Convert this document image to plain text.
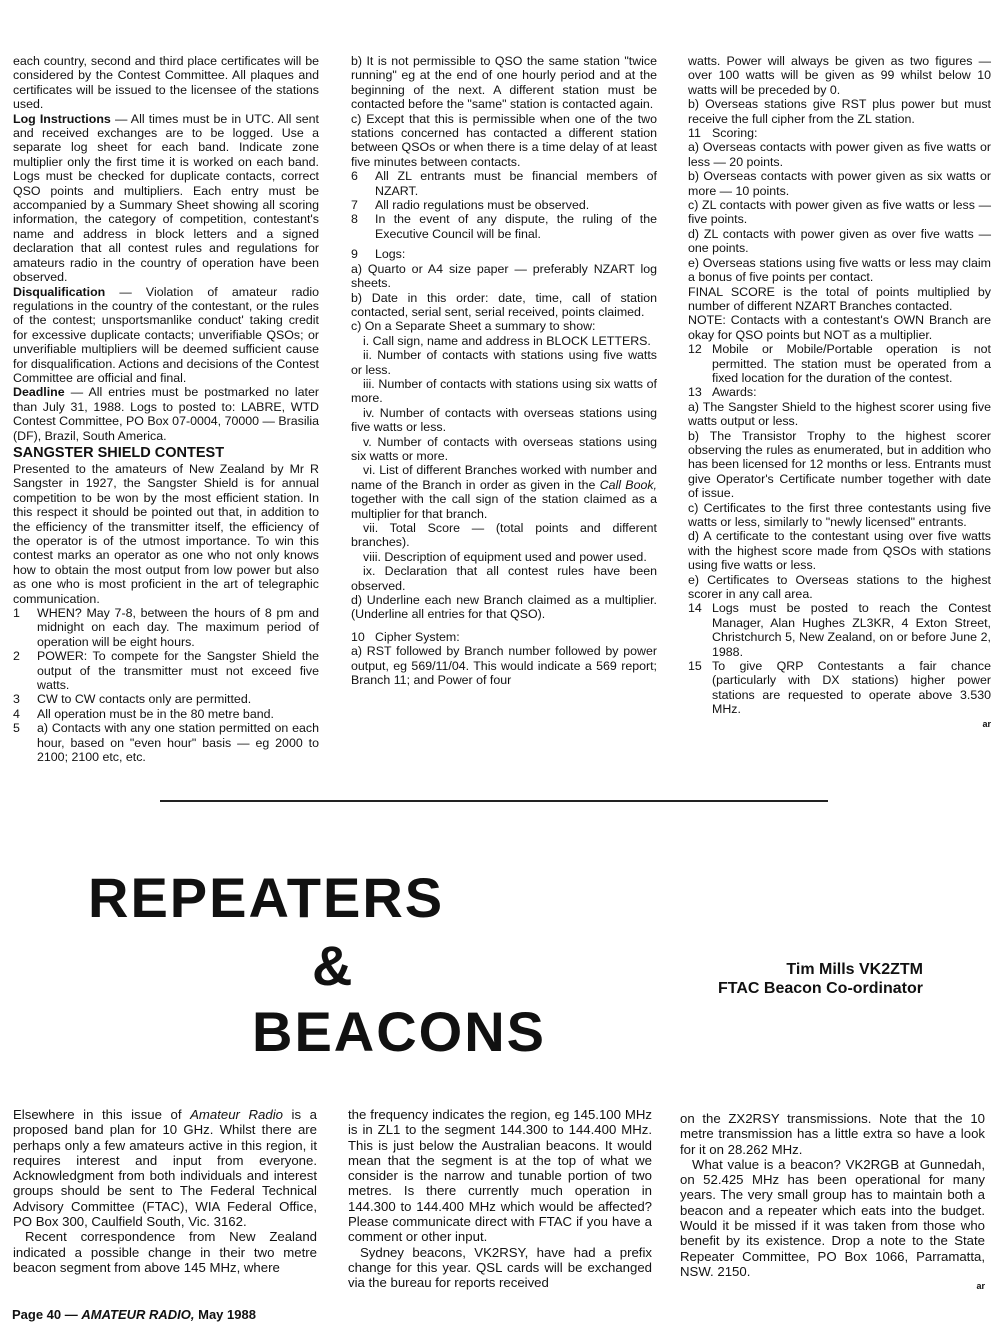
each country, second and third place certificates will be considered by the Contest Committee. All plaques and certificates will be issued to the licensee of the stations used.

Log Instructions — All times must be in UTC. All sent and received exchanges are to be logged. Use a separate log sheet for each band. Indicate zone multiplier only the first time it is worked on each band. Logs must be checked for duplicate contacts, correct QSO points and multipliers. Each entry must be accompanied by a Summary Sheet showing all scoring information, the category of competition, contestant's name and address in block letters and a signed declaration that all contest rules and regulations for amateurs radio in the country of operation have been observed.

Disqualification — Violation of amateur radio regulations in the country of the contestant, or the rules of the contest; unsportsmanlike conduct' taking credit for excessive duplicate contacts; unverifiable QSOs; or unverifiable multipliers will be deemed sufficient cause for disqualification. Actions and decisions of the Contest Committee are official and final.

Deadline — All entries must be postmarked no later than July 31, 1988. Logs to posted to: LABRE, WTD Contest Committee, PO Box 07-0004, 70000 — Brasilia (DF), Brazil, South America.

SANGSTER SHIELD CONTEST

Presented to the amateurs of New Zealand by Mr R Sangster in 1927, the Sangster Shield is for annual competition to be won by the most efficient station. In this respect it should be pointed out that, in addition to the efficiency of the transmitter itself, the efficiency of the operator is of the utmost importance. To win this contest marks an operator as one who not only knows how to obtain the most output from low power but also as one who is most proficient in the art of telegraphic communication.

1	WHEN? May 7-8, between the hours of 8 pm and midnight on each day. The maximum period of operation will be eight hours.
2	POWER: To compete for the Sangster Shield the output of the transmitter must not exceed five watts.
3	CW to CW contacts only are permitted.
4	All operation must be in the 80 metre band.
5	a) Contacts with any one station permitted on each hour, based on "even hour" basis — eg 2000 to 2100; 2100 etc, etc.

b) It is not permissible to QSO the same station "twice running" eg at the end of one hourly period and at the beginning of the next. A different station must be contacted before the "same" station is contacted again.

c) Except that this is permissible when one of the two stations concerned has contacted a different station between QSOs or when there is a time delay of at least five minutes between contacts.

6	All ZL entrants must be financial members of NZART.
7	All radio regulations must be observed.
8	In the event of any dispute, the ruling of the Executive Council will be final.
9	Logs:

a) Quarto or A4 size paper — preferably NZART log sheets.

b) Date in this order: date, time, call of station contacted, serial sent, serial received, points claimed.

c) On a Separate Sheet a summary to show:

i. Call sign, name and address in BLOCK LETTERS.

ii. Number of contacts with stations using five watts or less.

iii. Number of contacts with stations using six watts of more.

iv. Number of contacts with overseas stations using five watts or less.

v. Number of contacts with overseas stations using six watts or more.

vi. List of different Branches worked with number and name of the Branch in order as given in the Call Book, together with the call sign of the station claimed as a multiplier for that branch.

vii. Total Score — (total points and different branches).

viii. Description of equipment used and power used.

ix. Declaration that all contest rules have been observed.

d) Underline each new Branch claimed as a multiplier. (Underline all entries for that QSO).

10 Cipher System:

a) RST followed by Branch number followed by power output, eg 569/11/04. This would indicate a 569 report; Branch 11; and Power of four

watts. Power will always be given as two figures — over 100 watts will be given as 99 whilst below 10 watts will be preceded by 0.

b) Overseas stations give RST plus power but must receive the full cipher from the ZL station.

11 Scoring:

a) Overseas contacts with power given as five watts or less — 20 points.

b) Overseas contacts with power given as six watts or more — 10 points.

c) ZL contacts with power given as five watts or less — five points.

d) ZL contacts with power given as over five watts — one points.

e) Overseas stations using five watts or less may claim a bonus of five points per contact.

FINAL SCORE is the total of points multiplied by number of different NZART Branches contacted.

NOTE: Contacts with a contestant's OWN Branch are okay for QSO points but NOT as a multiplier.

12 Mobile or Mobile/Portable operation is not permitted. The station must be operated from a fixed location for the duration of the contest.
13 Awards:

a) The Sangster Shield to the highest scorer using five watts output or less.

b) The Transistor Trophy to the highest scorer observing the rules as enumerated, but in addition who has been licensed for 12 months or less. Entrants must give Operator's Certificate number together with date of issue.

c) Certificates to the first three contestants using five watts or less, similarly to "newly licensed" entrants.

d) A certificate to the contestant using over five watts with the highest score made from QSOs with stations using five watts or less.

e) Certificates to Overseas stations to the highest scorer in any call area.

14 Logs must be posted to reach the Contest Manager, Alan Hughes ZL3KR, 4 Exton Street, Christchurch 5, New Zealand, on or before June 2, 1988.
15 To give QRP Contestants a fair chance (particularly with DX stations) higher power stations are requested to operate above 3.530 MHz.

ar

REPEATERS
&
BEACONS
Tim Mills VK2ZTM
FTAC Beacon Co-ordinator

Elsewhere in this issue of Amateur Radio is a proposed band plan for 10 GHz. Whilst there are perhaps only a few amateurs active in this region, it requires interest and input from everyone. Acknowledgment from both individuals and interest groups should be sent to The Federal Technical Advisory Committee (FTAC), WIA Federal Office, PO Box 300, Caulfield South, Vic. 3162.

Recent correspondence from New Zealand indicated a possible change in their two metre beacon segment from above 145 MHz, where

the frequency indicates the region, eg 145.100 MHz is in ZL1 to the segment 144.300 to 144.400 MHz. This is just below the Australian beacons. It would mean that the segment is at the top of what we consider is the narrow and tunable portion of two metres. Is there currently much operation in 144.300 to 144.400 MHz which would be affected? Please communicate direct with FTAC if you have a comment or other input.

Sydney beacons, VK2RSY, have had a prefix change for this year. QSL cards will be exchanged via the bureau for reports received

on the ZX2RSY transmissions. Note that the 10 metre transmission has a little extra so have a look for it on 28.262 MHz.

What value is a beacon? VK2RGB at Gunnedah, on 52.425 MHz has been operational for many years. The very small group has to maintain both a beacon and a repeater which eats into the budget. Would it be missed if it was taken from those who benefit by its existence. Drop a note to the State Repeater Committee, PO Box 1066, Parramatta, NSW. 2150.

ar

Page 40 — AMATEUR RADIO, May 1988
